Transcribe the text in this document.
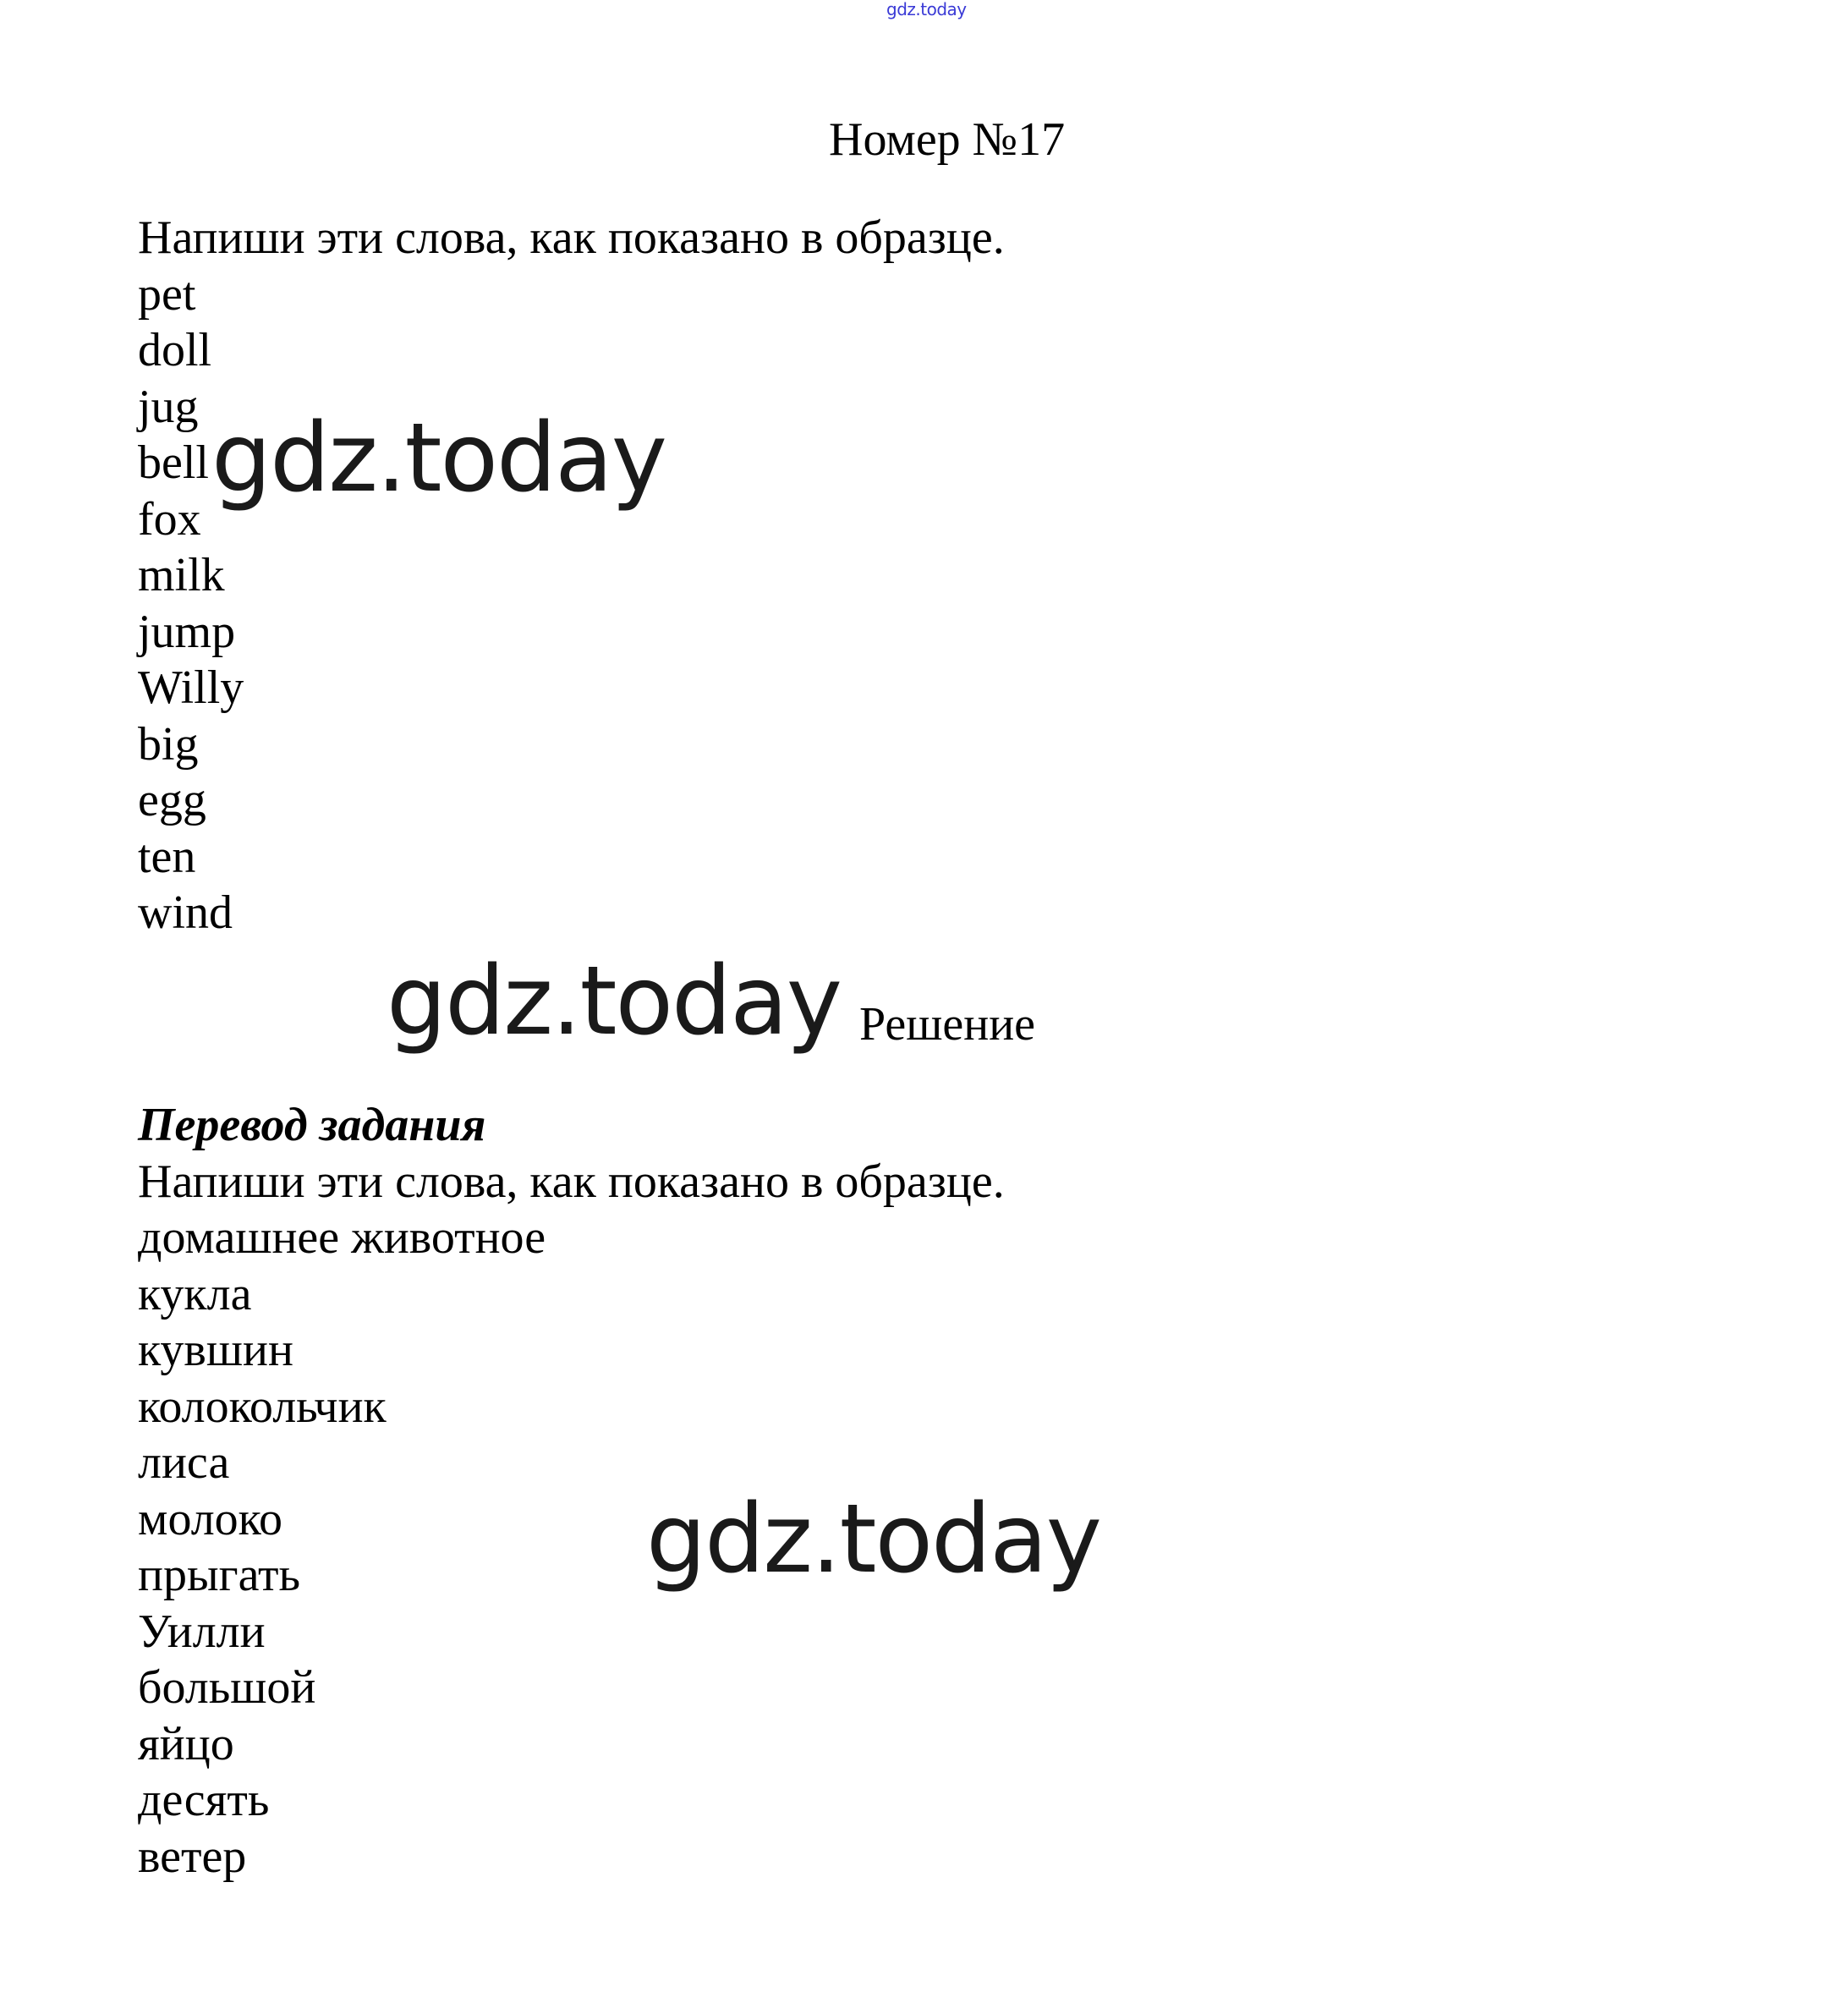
gdz.today
Номер №17
Напиши эти слова, как показано в образце.
pet
doll
jug
bell
fox
milk
jump
Willy
big
egg
ten
wind
Решение
Перевод задания
Напиши эти слова, как показано в образце.
домашнее животное
кукла
кувшин
колокольчик
лиса
молоко
прыгать
Уилли
большой
яйцо
десять
ветер
gdz.today
gdz.today
gdz.today
